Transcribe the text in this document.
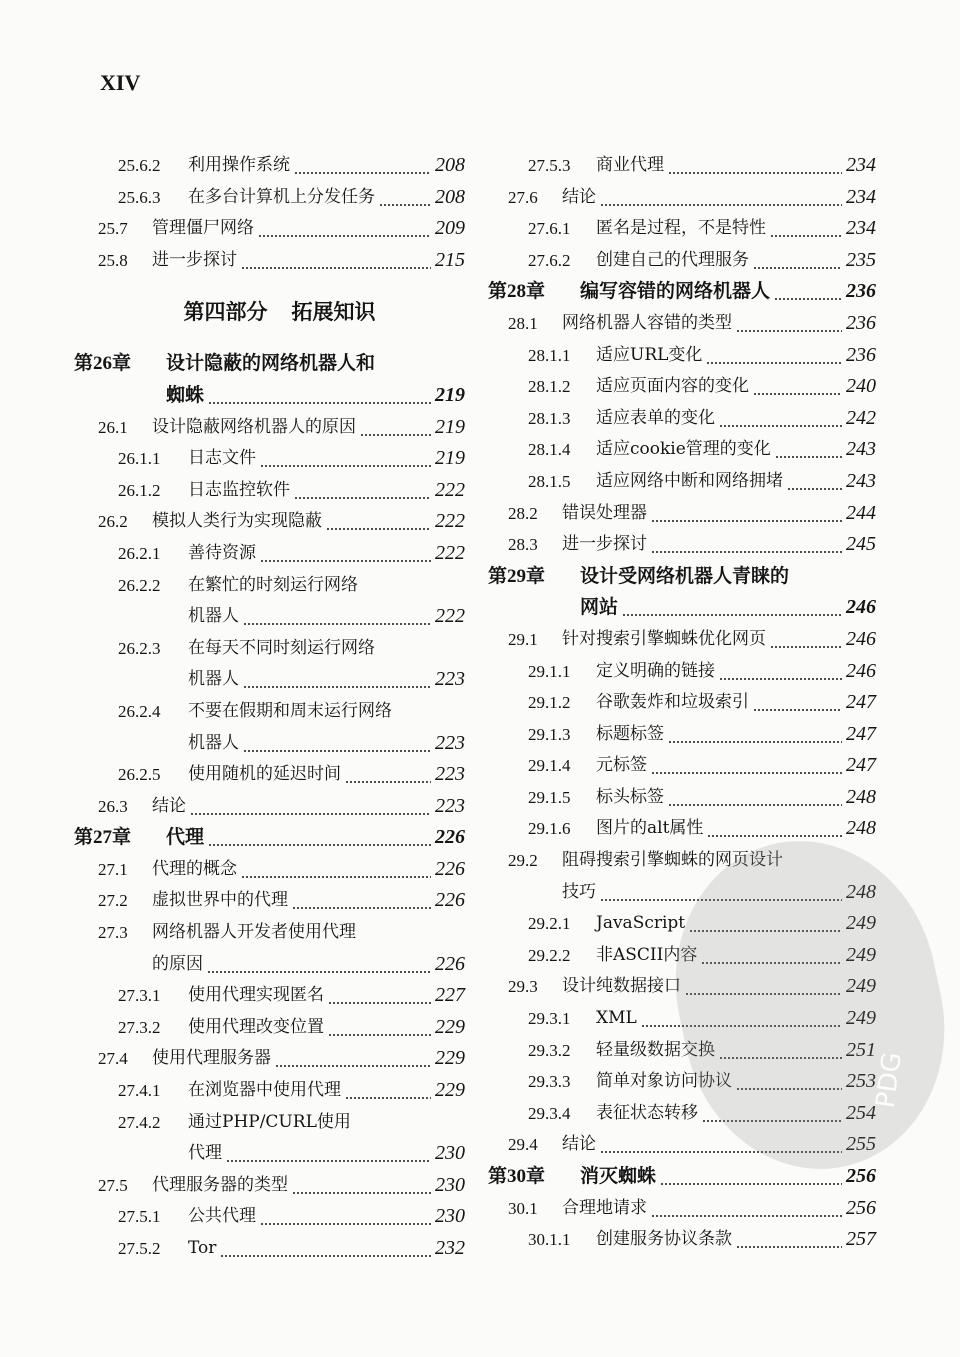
XIV
25.6.2 利用操作系统	208
25.6.3 在多台计算机上分发任务	208
25.7 管理僵尸网络	209
25.8 进一步探讨	215
第四部分 拓展知识
第26章 设计隐蔽的网络机器人和
蜘蛛	219
26.1 设计隐蔽网络机器人的原因	219
26.1.1 日志文件	219
26.1.2 日志监控软件	222
26.2 模拟人类行为实现隐蔽	222
26.2.1 善待资源	222
26.2.2 在繁忙的时刻运行网络
机器人	222
26.2.3 在每天不同时刻运行网络
机器人	223
26.2.4 不要在假期和周末运行网络
机器人	223
26.2.5 使用随机的延迟时间	223
26.3 结论	223
第27章 代理	226
27.1 代理的概念	226
27.2 虚拟世界中的代理	226
27.3 网络机器人开发者使用代理
的原因	226
27.3.1 使用代理实现匿名	227
27.3.2 使用代理改变位置	229
27.4 使用代理服务器	229
27.4.1 在浏览器中使用代理	229
27.4.2 通过PHP/CURL使用
代理	230
27.5 代理服务器的类型	230
27.5.1 公共代理	230
27.5.2 Tor	232
27.5.3 商业代理	234
27.6 结论	234
27.6.1 匿名是过程，不是特性	234
27.6.2 创建自己的代理服务	235
第28章 编写容错的网络机器人	236
28.1 网络机器人容错的类型	236
28.1.1 适应URL变化	236
28.1.2 适应页面内容的变化	240
28.1.3 适应表单的变化	242
28.1.4 适应cookie管理的变化	243
28.1.5 适应网络中断和网络拥堵	243
28.2 错误处理器	244
28.3 进一步探讨	245
第29章 设计受网络机器人青睐的
网站	246
29.1 针对搜索引擎蜘蛛优化网页	246
29.1.1 定义明确的链接	246
29.1.2 谷歌轰炸和垃圾索引	247
29.1.3 标题标签	247
29.1.4 元标签	247
29.1.5 标头标签	248
29.1.6 图片的alt属性	248
29.2 阻碍搜索引擎蜘蛛的网页设计
技巧	248
29.2.1 JavaScript	249
29.2.2 非ASCII内容	249
29.3 设计纯数据接口	249
29.3.1 XML	249
29.3.2 轻量级数据交换	251
29.3.3 简单对象访问协议	253
29.3.4 表征状态转移	254
29.4 结论	255
第30章 消灭蜘蛛	256
30.1 合理地请求	256
30.1.1 创建服务协议条款	257
PDG
